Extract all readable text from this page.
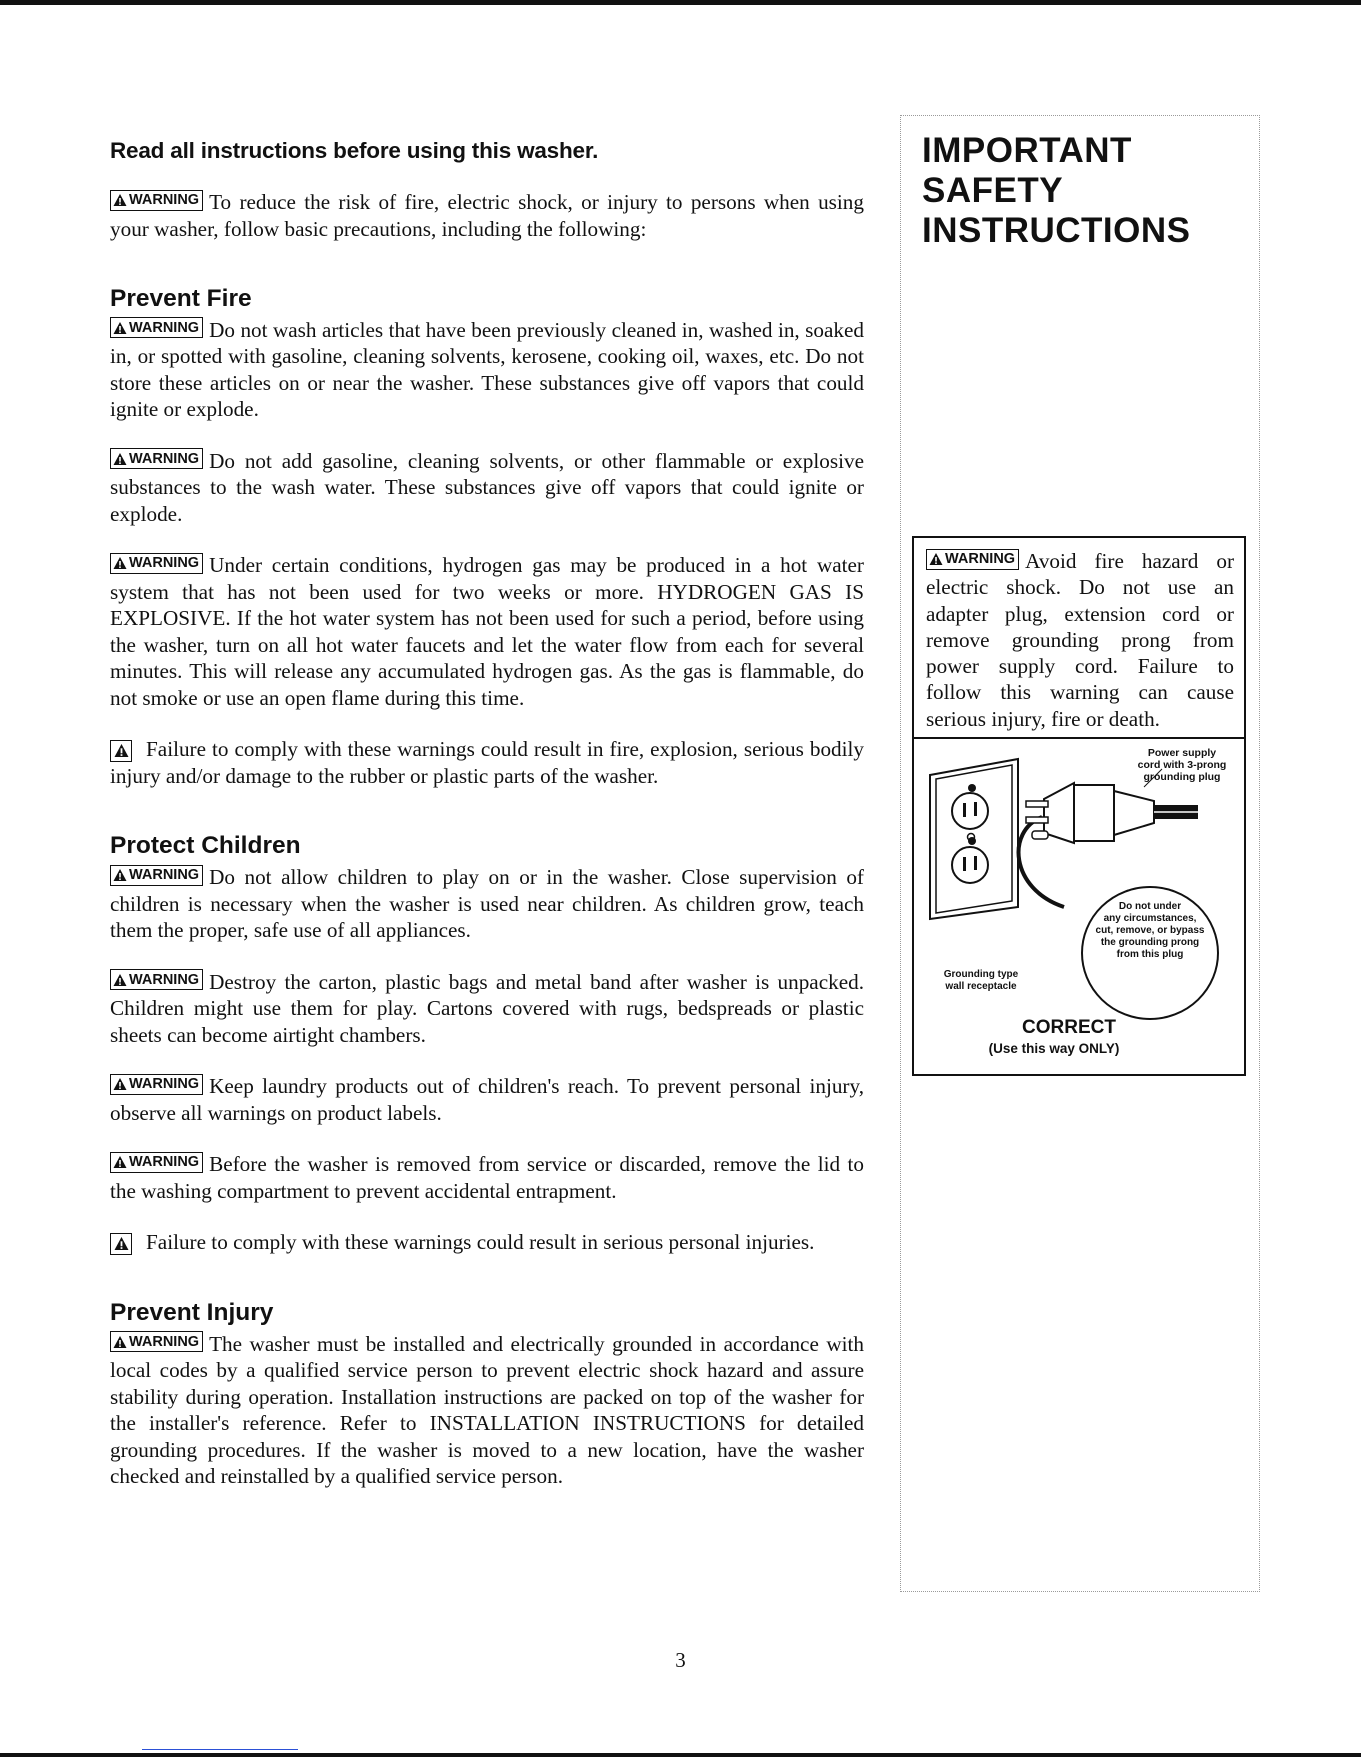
Read all instructions before using this washer.

WARNING To reduce the risk of fire, electric shock, or injury to persons when using your washer, follow basic precautions, including the following:

Prevent Fire

WARNING Do not wash articles that have been previously cleaned in, washed in, soaked in, or spotted with gasoline, cleaning solvents, kerosene, cooking oil, waxes, etc. Do not store these articles on or near the washer. These substances give off vapors that could ignite or explode.

WARNING Do not add gasoline, cleaning solvents, or other flammable or explosive substances to the wash water. These substances give off vapors that could ignite or explode.

WARNING Under certain conditions, hydrogen gas may be produced in a hot water system that has not been used for two weeks or more. HYDROGEN GAS IS EXPLOSIVE. If the hot water system has not been used for such a period, before using the washer, turn on all hot water faucets and let the water flow from each for several minutes. This will release any accumulated hydrogen gas. As the gas is flammable, do not smoke or use an open flame during this time.

Failure to comply with these warnings could result in fire, explosion, serious bodily injury and/or damage to the rubber or plastic parts of the washer.

Protect Children

WARNING Do not allow children to play on or in the washer. Close supervision of children is necessary when the washer is used near children. As children grow, teach them the proper, safe use of all appliances.

WARNING Destroy the carton, plastic bags and metal band after washer is unpacked. Children might use them for play. Cartons covered with rugs, bedspreads or plastic sheets can become airtight chambers.

WARNING Keep laundry products out of children's reach. To prevent personal injury, observe all warnings on product labels.

WARNING Before the washer is removed from service or discarded, remove the lid to the washing compartment to prevent accidental entrapment.

Failure to comply with these warnings could result in serious personal injuries.

Prevent Injury

WARNING The washer must be installed and electrically grounded in accordance with local codes by a qualified service person to prevent electric shock hazard and assure stability during operation. Installation instructions are packed on top of the washer for the installer's reference. Refer to INSTALLATION INSTRUCTIONS for detailed grounding procedures. If the washer is moved to a new location, have the washer checked and reinstalled by a qualified service person.

IMPORTANT
SAFETY
INSTRUCTIONS
WARNING Avoid fire hazard or electric shock. Do not use an adapter plug, extension cord or remove grounding prong from power supply cord. Failure to follow this warning can cause serious injury, fire or death.
Power supply
cord with 3-prong
grounding plug
Do not under
any circumstances,
cut, remove, or bypass
the grounding prong
from this plug
Grounding type
wall receptacle
CORRECT
(Use this way ONLY)
3
